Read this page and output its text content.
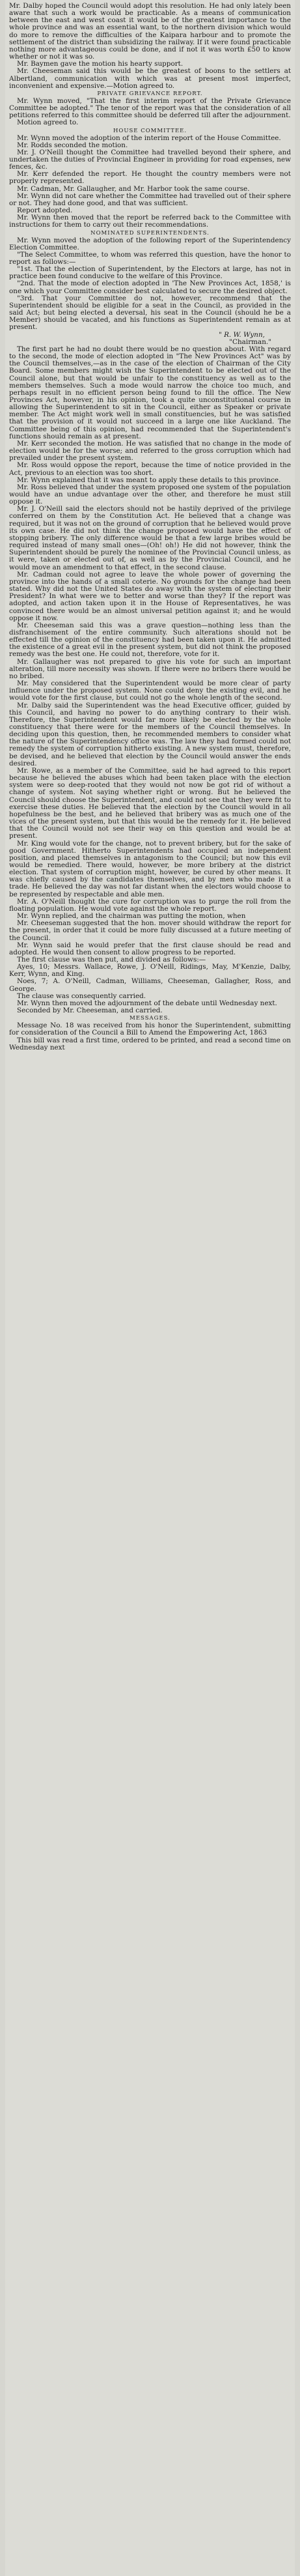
Mr. Dalby hoped the Council would adopt this resolution. He had only lately been aware that such a work would be practicable. As a means of communication between the east and west coast it would be of the greatest importance to the whole province and was an essential want, to the northern division which would do more to remove the difficulties of the Kaipara harbour and to promote the settlement of the district than subsidizing the railway. If it were found practicable nothing more advantageous could be done, and if not it was worth £50 to know whether or not it was so.

Mr. Baymen gave the motion his hearty support.

Mr. Cheeseman said this would be the greatest of boons to the settlers at Albertland, communication with which was at present most imperfect, inconvenient and expensive.—Motion agreed to.

PRIVATE GRIEVANCE REPORT.

Mr. Wynn moved, "That the first interim report of the Private Grievance Committee be adopted." The tenor of the report was that the consideration of all petitions referred to this committee should be deferred till after the adjournment.

Motion agreed to.

HOUSE COMMITTEE.

Mr. Wynn moved the adoption of the interim report of the House Committee.

Mr. Rodds seconded the motion.

Mr. J. O'Neill thought the Committee had travelled beyond their sphere, and undertaken the duties of Provincial Engineer in providing for road expenses, new fences, &c.

Mr. Kerr defended the report. He thought the country members were not properly represented.

Mr. Cadman, Mr. Gallaugher, and Mr. Harbor took the same course.

Mr. Wynn did not care whether the Committee had travelled out of their sphere or not. They had done good, and that was sufficient.

Report adopted.

Mr. Wynn then moved that the report be referred back to the Committee with instructions for them to carry out their recommendations.

NOMINATED SUPERINTENDENTS.

Mr. Wynn moved the adoption of the following report of the Superintendency Election Committee.

"The Select Committee, to whom was referred this question, have the honor to report as follows:—

"1st. That the election of Superintendent, by the Electors at large, has not in practice been found conducive to the welfare of this Province.

"2nd. That the mode of election adopted in 'The New Provinces Act, 1858,' is one which your Committee consider best calculated to secure the desired object.

"3rd. That your Committee do not, however, recommend that the Superintendent should be eligible for a seat in the Council, as provided in the said Act; but being elected a deversal, his seat in the Council (should he be a Member) should be vacated, and his functions as Superintendent remain as at present.

" R. W. Wynn,

"Chairman."

The first part he had no doubt there would be no question about. With regard to the second, the mode of election adopted in "The New Provinces Act" was by the Council themselves,—as in the case of the election of Chairman of the City Board. Some members might wish the Superintendent to be elected out of the Council alone, but that would be unfair to the constituency as well as to the members themselves. Such a mode would narrow the choice too much, and perhaps result in no efficient person being found to fill the office. The New Provinces Act, however, in his opinion, took a quite unconstitutional course in allowing the Superintendent to sit in the Council, either as Speaker or private member. The Act might work well in small constituencies, but he was satisfied that the provision of it would not succeed in a large one like Auckland. The Committee being of this opinion, had recommended that the Superintendent's functions should remain as at present.

Mr. Kerr seconded the motion. He was satisfied that no change in the mode of election would be for the worse; and referred to the gross corruption which had prevailed under the present system.

Mr. Ross would oppose the report, because the time of notice provided in the Act, previous to an election was too short.

Mr. Wynn explained that it was meant to apply these details to this province.

Mr. Ross believed that under the system proposed one system of the population would have an undue advantage over the other, and therefore he must still oppose it.

Mr. J. O'Neill said the electors should not be hastily deprived of the privilege conferred on them by the Constitution Act. He believed that a change was required, but it was not on the ground of corruption that he believed would prove its own case. He did not think the change proposed would have the effect of stopping bribery. The only difference would be that a few large bribes would be required instead of many small ones—(Oh! oh!) He did not however, think the Superintendent should be purely the nominee of the Provincial Council unless, as it were, taken or elected out of, as well as by the Provincial Council, and he would move an amendment to that effect, in the second clause.

Mr. Cadman could not agree to leave the whole power of governing the province into the hands of a small coterie. No grounds for the change had been stated. Why did not the United States do away with the system of electing their President? In what were we to better and worse than they? If the report was adopted, and action taken upon it in the House of Representatives, he was convinced there would be an almost universal petition against it; and he would oppose it now.

Mr. Cheeseman said this was a grave question—nothing less than the disfranchisement of the entire community. Such alterations should not be effected till the opinion of the constituency had been taken upon it. He admitted the existence of a great evil in the present system, but did not think the proposed remedy was the best one. He could not, therefore, vote for it.

Mr. Gallaugher was not prepared to give his vote for such an important alteration, till more necessity was shown. If there were no bribers there would be no bribed.

Mr. May considered that the Superintendent would be more clear of party influence under the proposed system. None could deny the existing evil, and he would vote for the first clause, but could not go the whole length of the second.

Mr. Dalby said the Superintendent was the head Executive officer, guided by this Council, and having no power to do anything contrary to their wish. Therefore, the Superintendent would far more likely be elected by the whole constituency that there were for the members of the Council themselves. In deciding upon this question, then, he recommended members to consider what the nature of the Superintendency office was. The law they had formed could not remedy the system of corruption hitherto existing. A new system must, therefore, be devised, and he believed that election by the Council would answer the ends desired.

Mr. Rowe, as a member of the Committee, said he had agreed to this report because he believed the abuses which had been taken place with the election system were so deep-rooted that they would not now be got rid of without a change of system. Not saying whether right or wrong. But he believed the Council should choose the Superintendent, and could not see that they were fit to exercise these duties. He believed that the election by the Council would in all hopefulness be the best, and he believed that bribery was as much one of the vices of the present system, but that this would be the remedy for it. He believed that the Council would not see their way on this question and would be at present.

Mr. King would vote for the change, not to prevent bribery, but for the sake of good Government. Hitherto Superintendents had occupied an independent position, and placed themselves in antagonism to the Council; but now this evil would be remedied. There would, however, be more bribery at the district election. That system of corruption might, however, be cured by other means. It was chiefly caused by the candidates themselves, and by men who made it a trade. He believed the day was not far distant when the electors would choose to be represented by respectable and able men.

Mr. A. O'Neill thought the cure for corruption was to purge the roll from the floating population. He would vote against the whole report.

Mr. Wynn replied, and the chairman was putting the motion, when

Mr. Cheeseman suggested that the hon. mover should withdraw the report for the present, in order that it could be more fully discussed at a future meeting of the Council.

Mr. Wynn said he would prefer that the first clause should be read and adopted. He would then consent to allow progress to be reported.

The first clause was then put, and divided as follows:—

Ayes, 10; Messrs. Wallace, Rowe, J. O'Neill, Ridings, May, M'Kenzie, Dalby, Kerr, Wynn, and King.

Noes, 7; A. O'Neill, Cadman, Williams, Cheeseman, Gallagher, Ross, and George.

The clause was consequently carried.

Mr. Wynn then moved the adjournment of the debate until Wednesday next.

Seconded by Mr. Cheeseman, and carried.

MESSAGES.

Message No. 18 was received from his honor the Superintendent, submitting for consideration of the Council a Bill to Amend the Empowering Act, 1863

This bill was read a first time, ordered to be printed, and read a second time on Wednesday next
